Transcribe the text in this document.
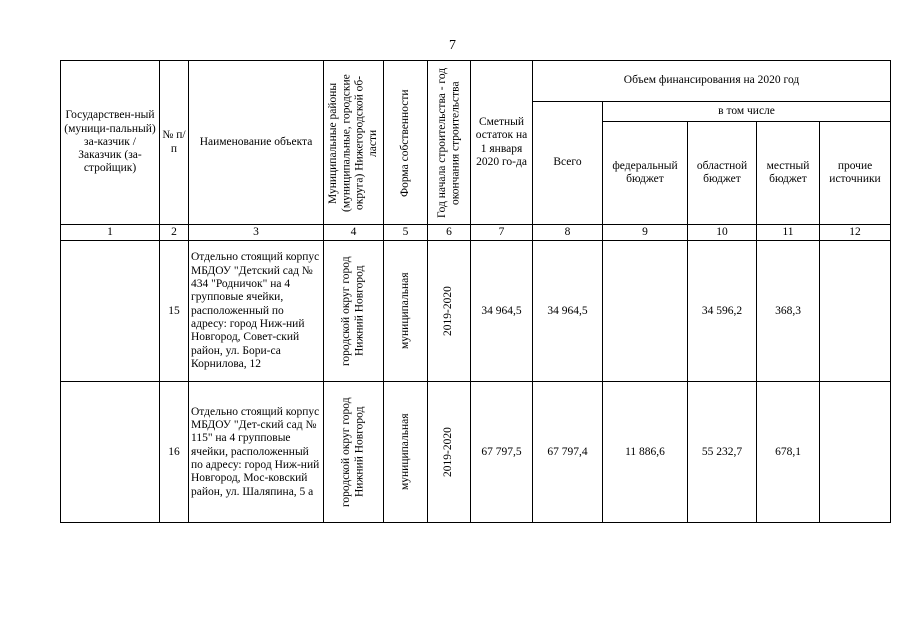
7
Государствен-ный (муници-пальный) за-казчик / Заказчик (за-стройщик)	№ п/п	Наименование объекта	Муниципальные районы (муниципальные, городские округа) Нижегородской об-ласти	Форма собственности	Год начала строительства - год окончания строительства	Сметный остаток на 1 января 2020 го-да	Объем финансирования на 2020 год				
							Всего	в том числе			
								федеральный бюджет	областной бюджет	местный бюджет	прочие источники
1	2	3	4	5	6	7	8	9	10	11	12
	15	Отдельно стоящий корпус МБДОУ "Детский сад № 434 "Родничок" на 4 групповые ячейки, расположенный по адресу: город Ниж-ний Новгород, Совет-ский район, ул. Бори-са Корнилова, 12	городской округ город Нижний Новгород	муниципальная	2019-2020	34 964,5	34 964,5		34 596,2	368,3	
	16	Отдельно стоящий корпус МБДОУ "Дет-ский сад № 115" на 4 групповые ячейки, расположенный по адресу: город Ниж-ний Новгород, Мос-ковский район, ул. Шаляпина, 5 а	городской округ город Нижний Новгород	муниципальная	2019-2020	67 797,5	67 797,4	11 886,6	55 232,7	678,1	
